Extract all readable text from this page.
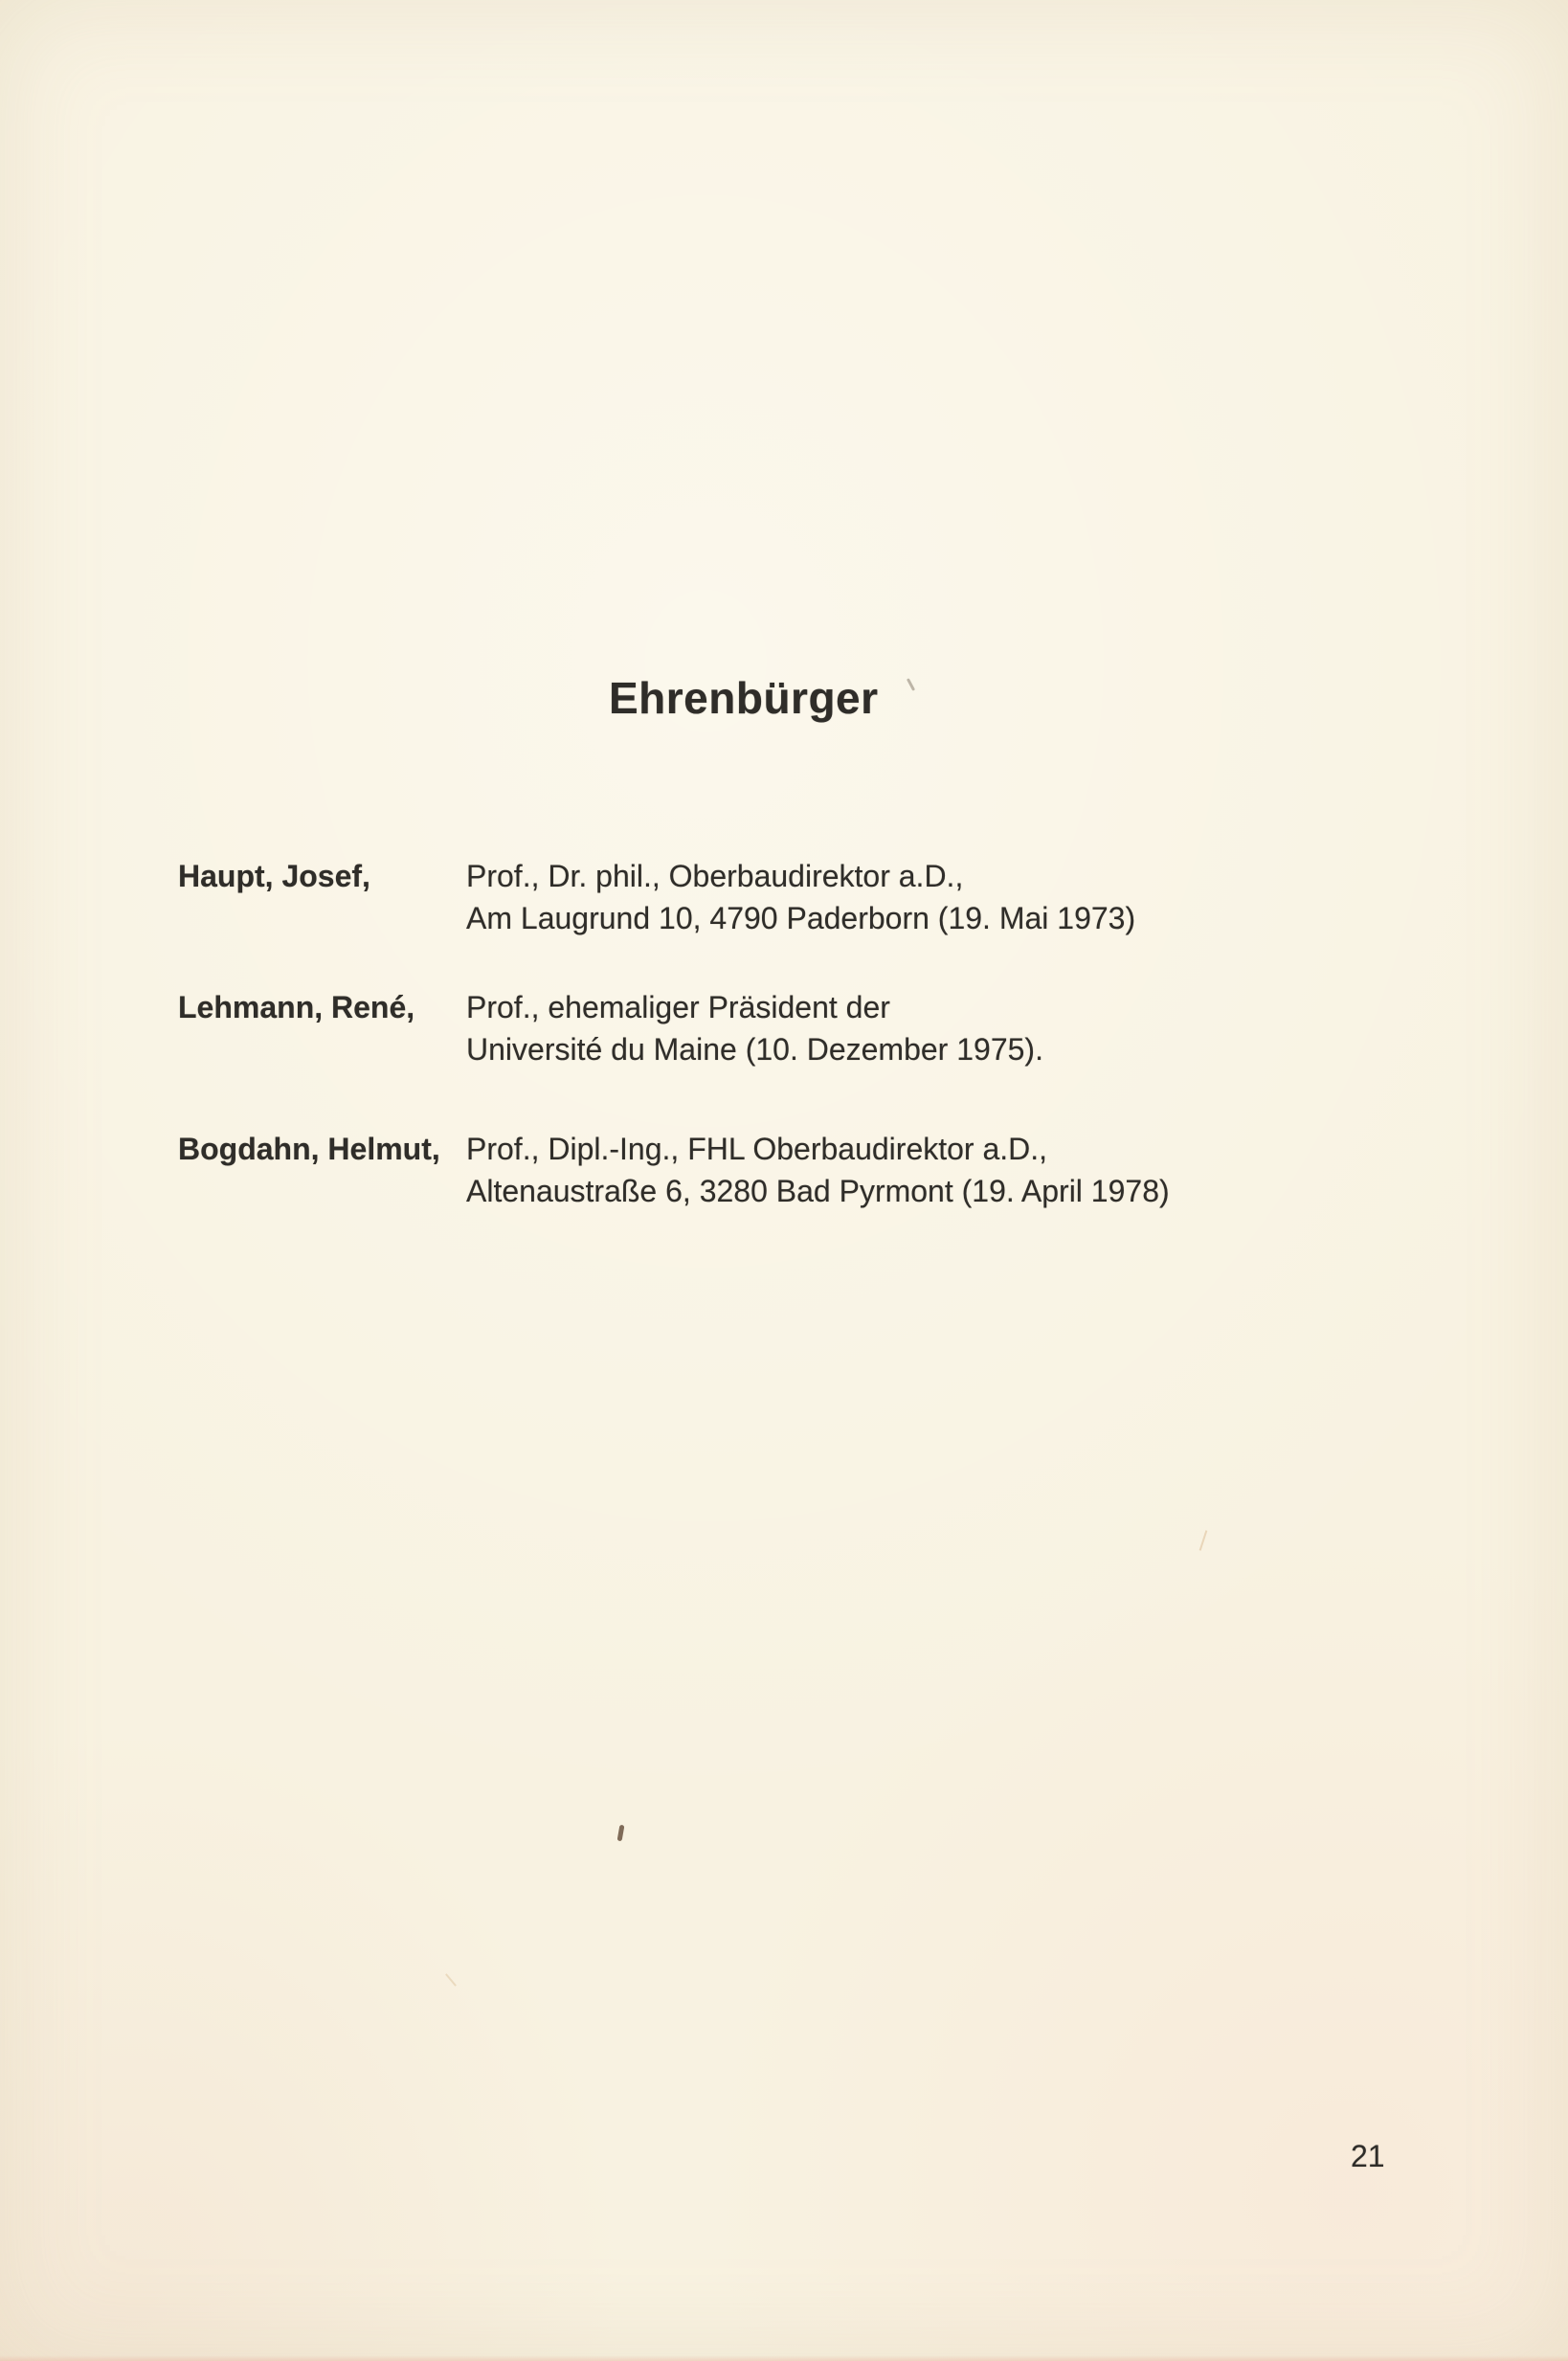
Ehrenbürger
Haupt, Josef,	Prof., Dr. phil., Oberbaudirektor a.D.,
Am Laugrund 10, 4790 Paderborn (19. Mai 1973)
Lehmann, René,	Prof., ehemaliger Präsident der
Université du Maine (10. Dezember 1975).
Bogdahn, Helmut, Prof., Dipl.-Ing., FHL Oberbaudirektor a.D.,
Altenaustraße 6, 3280 Bad Pyrmont (19. April 1978)
21
